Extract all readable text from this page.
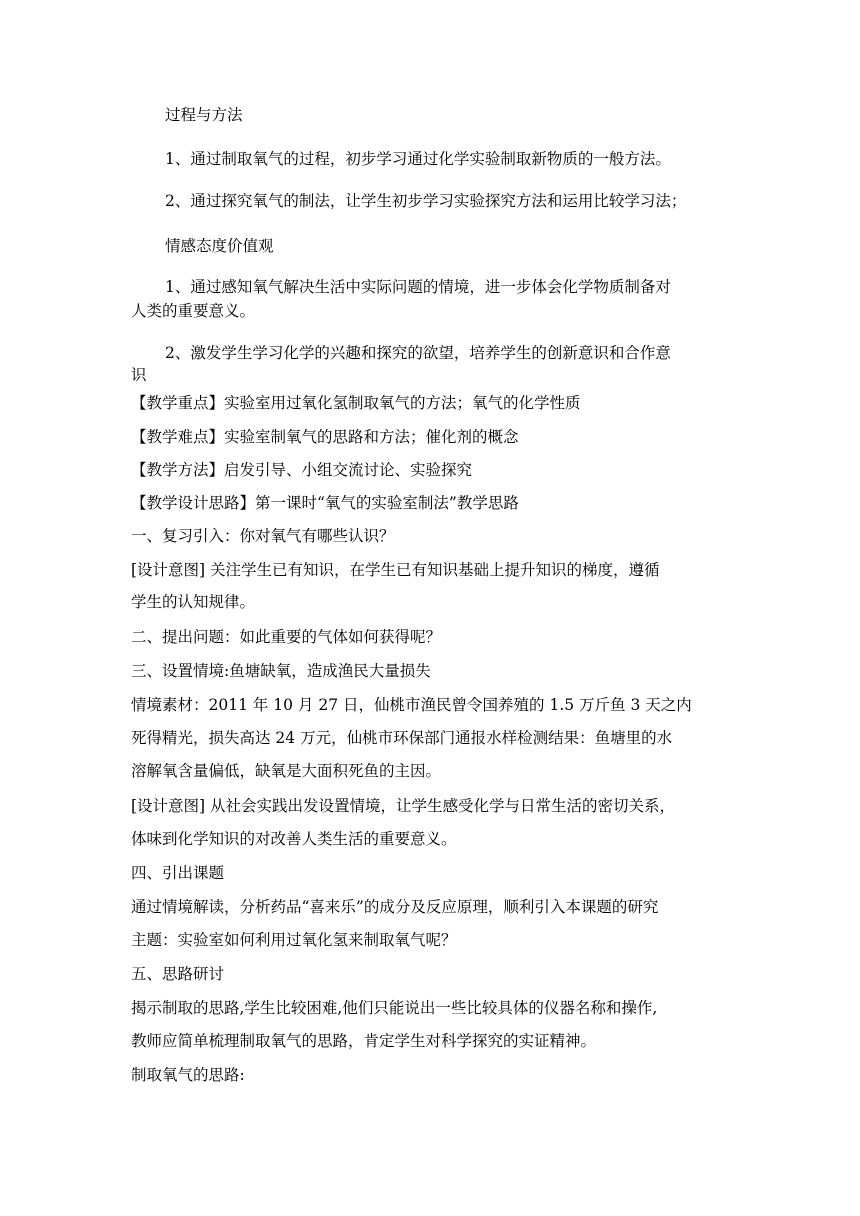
过程与方法
1、通过制取氧气的过程，初步学习通过化学实验制取新物质的一般方法。
2、通过探究氧气的制法，让学生初步学习实验探究方法和运用比较学习法；
情感态度价值观
1、通过感知氧气解决生活中实际问题的情境，进一步体会化学物质制备对
人类的重要意义。
2、激发学生学习化学的兴趣和探究的欲望，培养学生的创新意识和合作意
识
【教学重点】实验室用过氧化氢制取氧气的方法；氧气的化学性质
【教学难点】实验室制氧气的思路和方法；催化剂的概念
【教学方法】启发引导、小组交流讨论、实验探究
【教学设计思路】第一课时“氧气的实验室制法”教学思路
一、复习引入：你对氧气有哪些认识？
[设计意图] 关注学生已有知识，在学生已有知识基础上提升知识的梯度，遵循
学生的认知规律。
二、提出问题：如此重要的气体如何获得呢？
三、设置情境:鱼塘缺氧，造成渔民大量损失
情境素材：2011 年 10 月 27 日，仙桃市渔民曾令国养殖的 1.5 万斤鱼 3 天之内
死得精光，损失高达 24 万元，仙桃市环保部门通报水样检测结果：鱼塘里的水
溶解氧含量偏低，缺氧是大面积死鱼的主因。
[设计意图] 从社会实践出发设置情境，让学生感受化学与日常生活的密切关系，
体味到化学知识的对改善人类生活的重要意义。
四、引出课题
通过情境解读，分析药品“喜来乐”的成分及反应原理，顺利引入本课题的研究
主题：实验室如何利用过氧化氢来制取氧气呢？
五、思路研讨
揭示制取的思路,学生比较困难,他们只能说出一些比较具体的仪器名称和操作,
教师应简单梳理制取氧气的思路，肯定学生对科学探究的实证精神。
制取氧气的思路:
